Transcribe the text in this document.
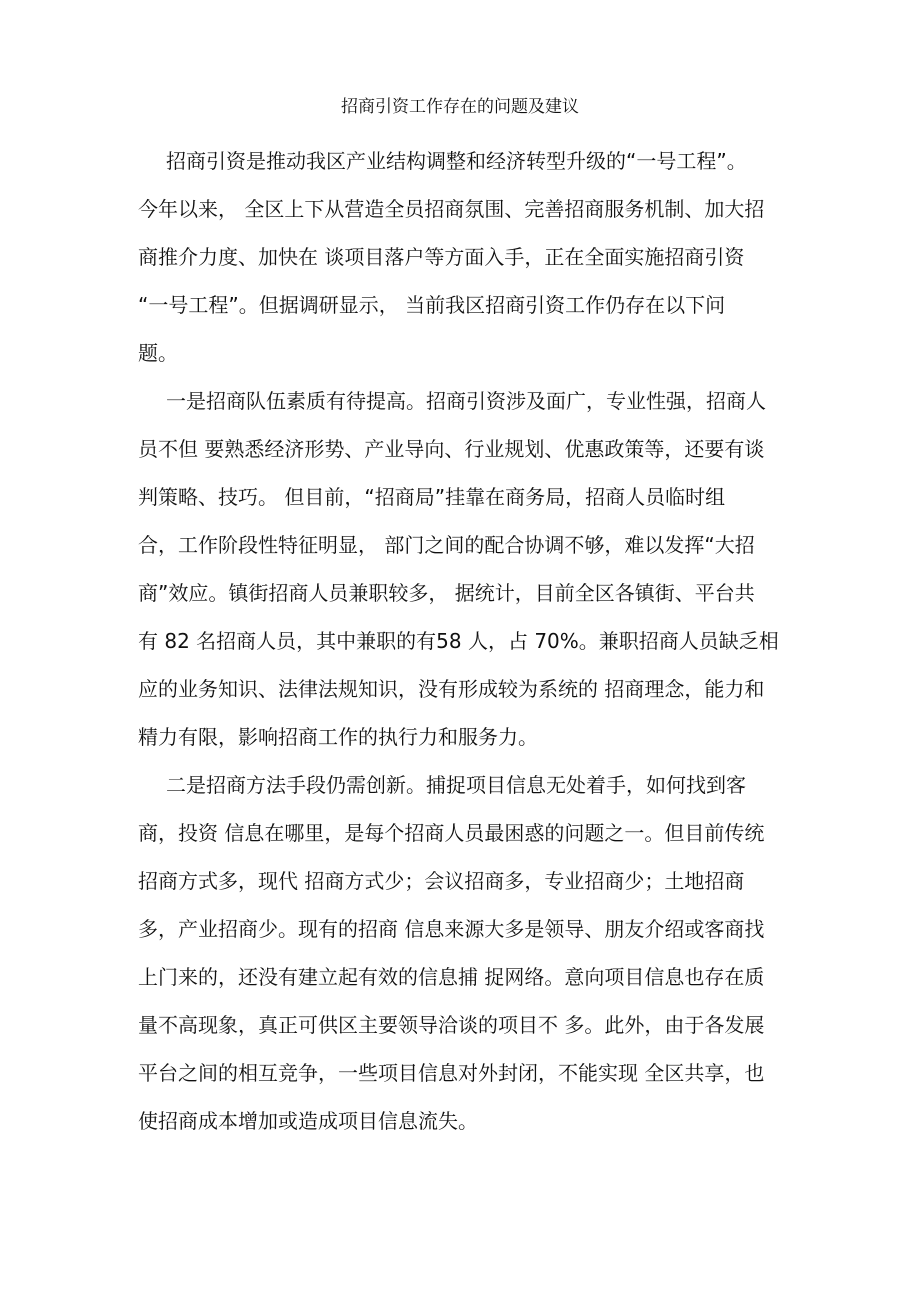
招商引资工作存在的问题及建议
招商引资是推动我区产业结构调整和经济转型升级的“一号工程”。
今年以来， 全区上下从营造全员招商氛围、完善招商服务机制、加大招
商推介力度、加快在 谈项目落户等方面入手，正在全面实施招商引资
“一号工程”。但据调研显示， 当前我区招商引资工作仍存在以下问
题。
一是招商队伍素质有待提高。招商引资涉及面广，专业性强，招商人
员不但 要熟悉经济形势、产业导向、行业规划、优惠政策等，还要有谈
判策略、技巧。 但目前，“招商局”挂靠在商务局，招商人员临时组
合，工作阶段性特征明显， 部门之间的配合协调不够，难以发挥“大招
商”效应。镇街招商人员兼职较多， 据统计，目前全区各镇街、平台共
有 82 名招商人员，其中兼职的有58 人，占 70%。兼职招商人员缺乏相
应的业务知识、法律法规知识，没有形成较为系统的 招商理念，能力和
精力有限，影响招商工作的执行力和服务力。
二是招商方法手段仍需创新。捕捉项目信息无处着手，如何找到客
商，投资 信息在哪里，是每个招商人员最困惑的问题之一。但目前传统
招商方式多，现代 招商方式少；会议招商多，专业招商少；土地招商
多，产业招商少。现有的招商 信息来源大多是领导、朋友介绍或客商找
上门来的，还没有建立起有效的信息捕 捉网络。意向项目信息也存在质
量不高现象，真正可供区主要领导洽谈的项目不 多。此外，由于各发展
平台之间的相互竞争，一些项目信息对外封闭，不能实现 全区共享，也
使招商成本增加或造成项目信息流失。
